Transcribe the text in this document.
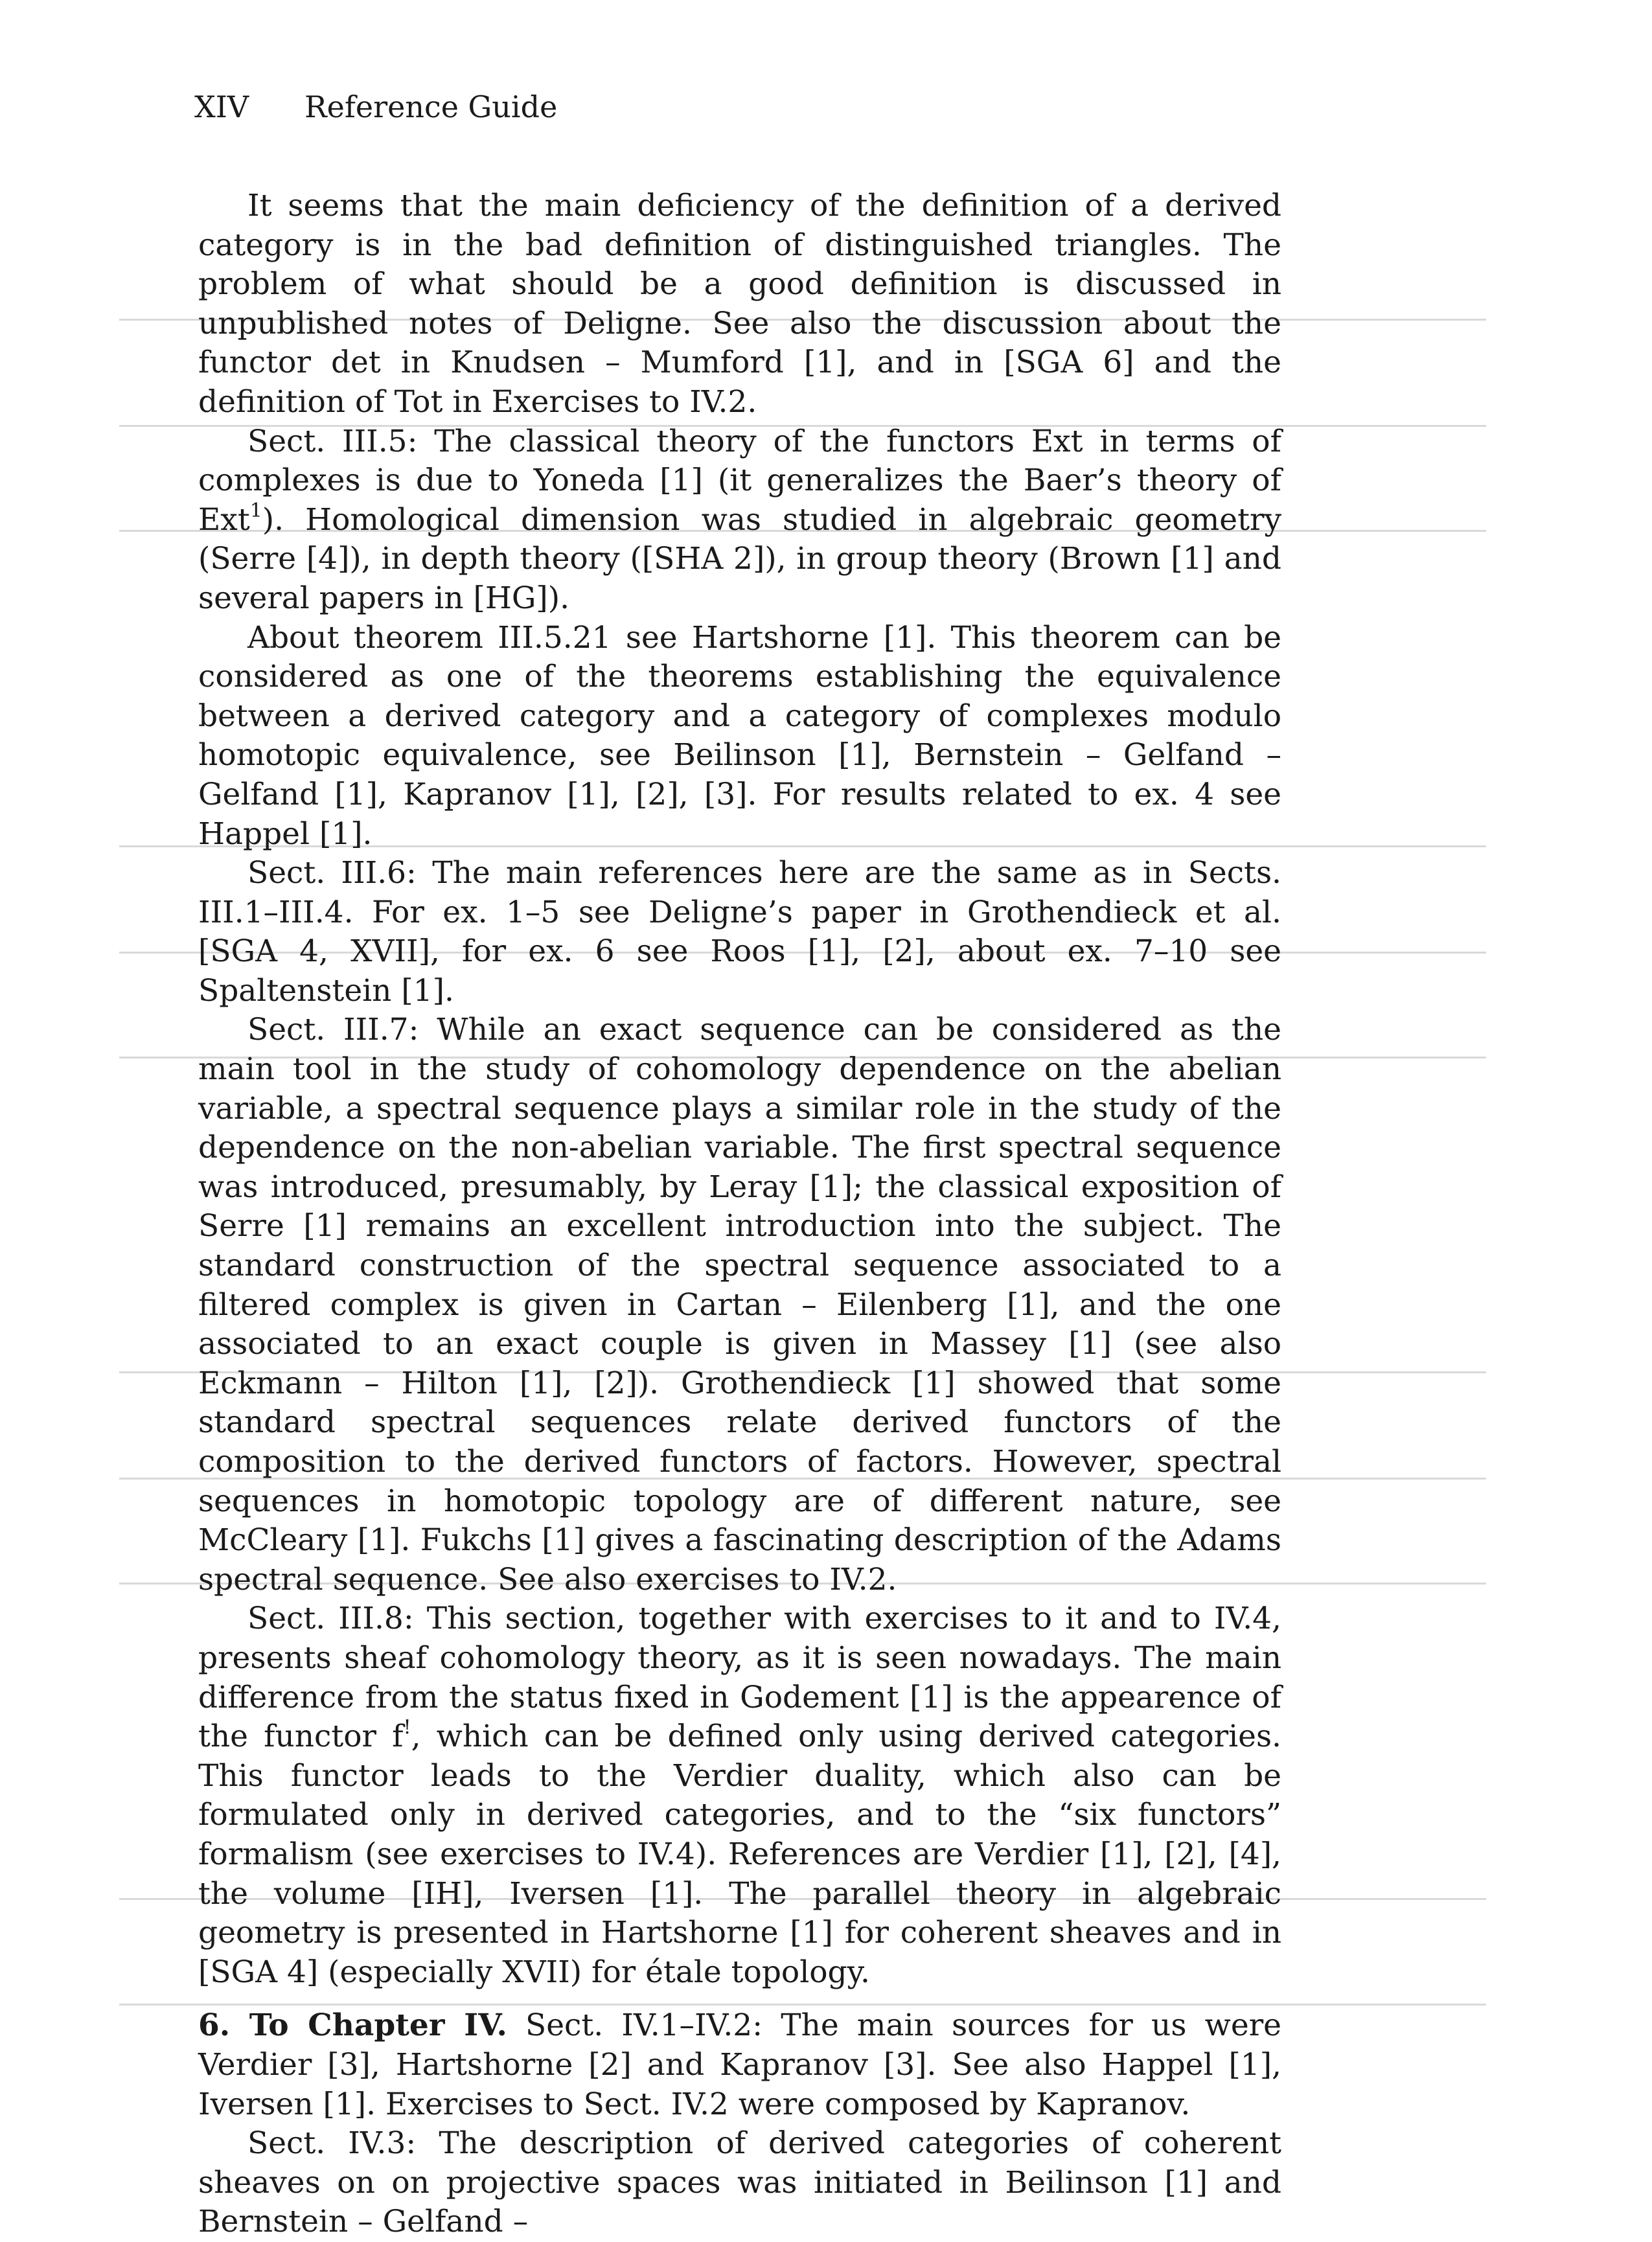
XIV Reference Guide

It seems that the main deficiency of the definition of a derived category is in the bad definition of distinguished triangles. The problem of what should be a good definition is discussed in unpublished notes of Deligne. See also the discussion about the functor det in Knudsen – Mumford [1], and in [SGA 6] and the definition of Tot in Exercises to IV.2.

Sect. III.5: The classical theory of the functors Ext in terms of complexes is due to Yoneda [1] (it generalizes the Baer’s theory of Ext$^1$). Homological dimension was studied in algebraic geometry (Serre [4]), in depth theory ([SHA 2]), in group theory (Brown [1] and several papers in [HG]).

About theorem III.5.21 see Hartshorne [1]. This theorem can be considered as one of the theorems establishing the equivalence between a derived category and a category of complexes modulo homotopic equivalence, see Beilinson [1], Bernstein – Gelfand – Gelfand [1], Kapranov [1], [2], [3]. For results related to ex. 4 see Happel [1].

Sect. III.6: The main references here are the same as in Sects. III.1–III.4. For ex. 1–5 see Deligne’s paper in Grothendieck et al. [SGA 4, XVII], for ex. 6 see Roos [1], [2], about ex. 7–10 see Spaltenstein [1].

Sect. III.7: While an exact sequence can be considered as the main tool in the study of cohomology dependence on the abelian variable, a spectral sequence plays a similar role in the study of the dependence on the non-abelian variable. The first spectral sequence was introduced, presumably, by Leray [1]; the classical exposition of Serre [1] remains an excellent introduction into the subject. The standard construction of the spectral sequence associated to a filtered complex is given in Cartan – Eilenberg [1], and the one associated to an exact couple is given in Massey [1] (see also Eckmann – Hilton [1], [2]). Grothendieck [1] showed that some standard spectral sequences relate derived functors of the composition to the derived functors of factors. However, spectral sequences in homotopic topology are of different nature, see McCleary [1]. Fukchs [1] gives a fascinating description of the Adams spectral sequence. See also exercises to IV.2.

Sect. III.8: This section, together with exercises to it and to IV.4, presents sheaf cohomology theory, as it is seen nowadays. The main difference from the status fixed in Godement [1] is the appearence of the functor f!, which can be defined only using derived categories. This functor leads to the Verdier duality, which also can be formulated only in derived categories, and to the “six functors” formalism (see exercises to IV.4). References are Verdier [1], [2], [4], the volume [IH], Iversen [1]. The parallel theory in algebraic geometry is presented in Hartshorne [1] for coherent sheaves and in [SGA 4] (especially XVII) for étale topology.

6. To Chapter IV. Sect. IV.1–IV.2: The main sources for us were Verdier [3], Hartshorne [2] and Kapranov [3]. See also Happel [1], Iversen [1]. Exercises to Sect. IV.2 were composed by Kapranov.

Sect. IV.3: The description of derived categories of coherent sheaves on on projective spaces was initiated in Beilinson [1] and Bernstein – Gelfand –
